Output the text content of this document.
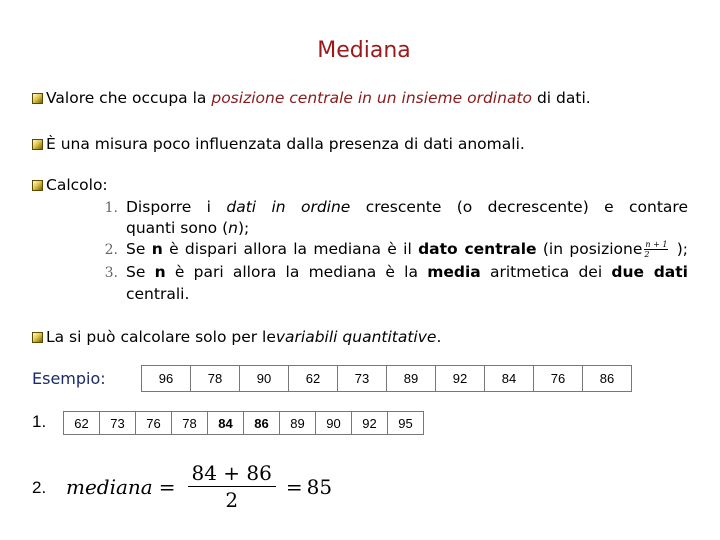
Mediana
Valore che occupa la
posizione centrale in un insieme ordinato
di dati.
È una misura poco influenzata dalla presenza di dati anomali.
Calcolo:
1. Disporre i dati in ordine crescente (o decrescente) e contare
quanti sono (n);
2. Se n è dispari allora la mediana è il dato centrale (in posizione $\frac{n + 1}{2}$ );
3. Se n è pari allora la mediana è la media aritmetica dei due dati
centrali.
La si può calcolare solo per le variabili quantitative .
Esempio:	96	78	90	62	73	89	92	84	76	86
1. 62	73	76	78	84	86	89	90	92	95
2. mediana = $\frac{84 + 86}{2} = 85$
